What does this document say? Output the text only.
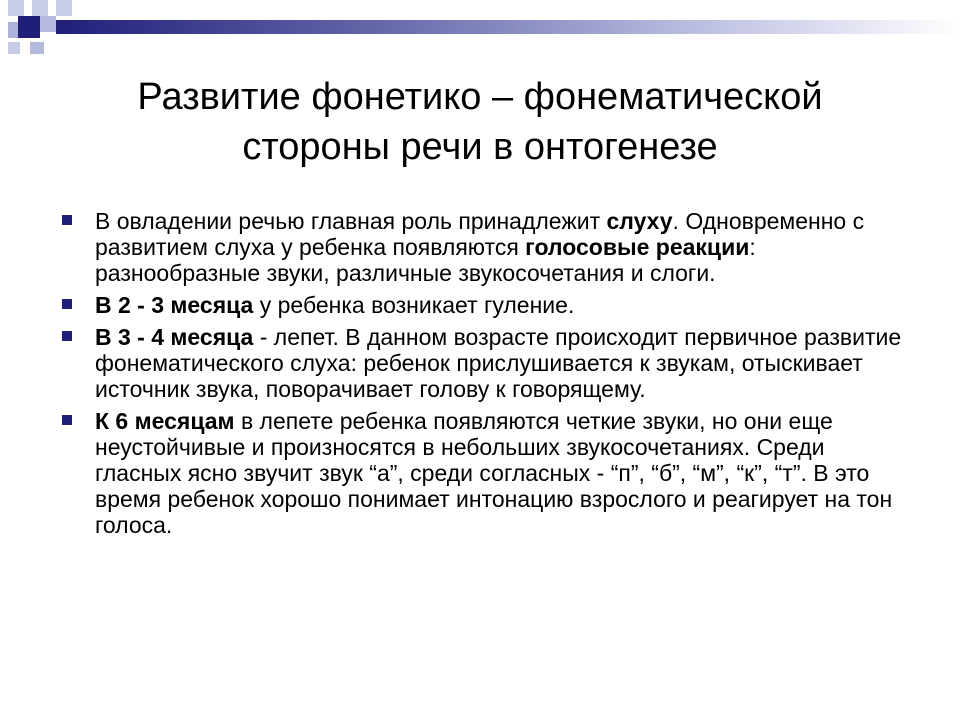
Развитие фонетико – фонематической
стороны речи в онтогенезе
В овладении речью главная роль принадлежит слуху. Одновременно с развитием слуха у ребенка появляются голосовые реакции: разнообразные звуки, различные звукосочетания и слоги.
В 2 - 3 месяца у ребенка возникает гуление.
В 3 - 4 месяца - лепет. В данном возрасте происходит первичное развитие фонематического слуха: ребенок прислушивается к звукам, отыскивает источник звука, поворачивает голову к говорящему.
К 6 месяцам в лепете ребенка появляются четкие звуки, но они еще неустойчивые и произносятся в небольших звукосочетаниях. Среди гласных ясно звучит звук “а”, среди согласных - “п”, “б”, “м”, “к”, “т”. В это время ребенок хорошо понимает интонацию взрослого и реагирует на тон голоса.
